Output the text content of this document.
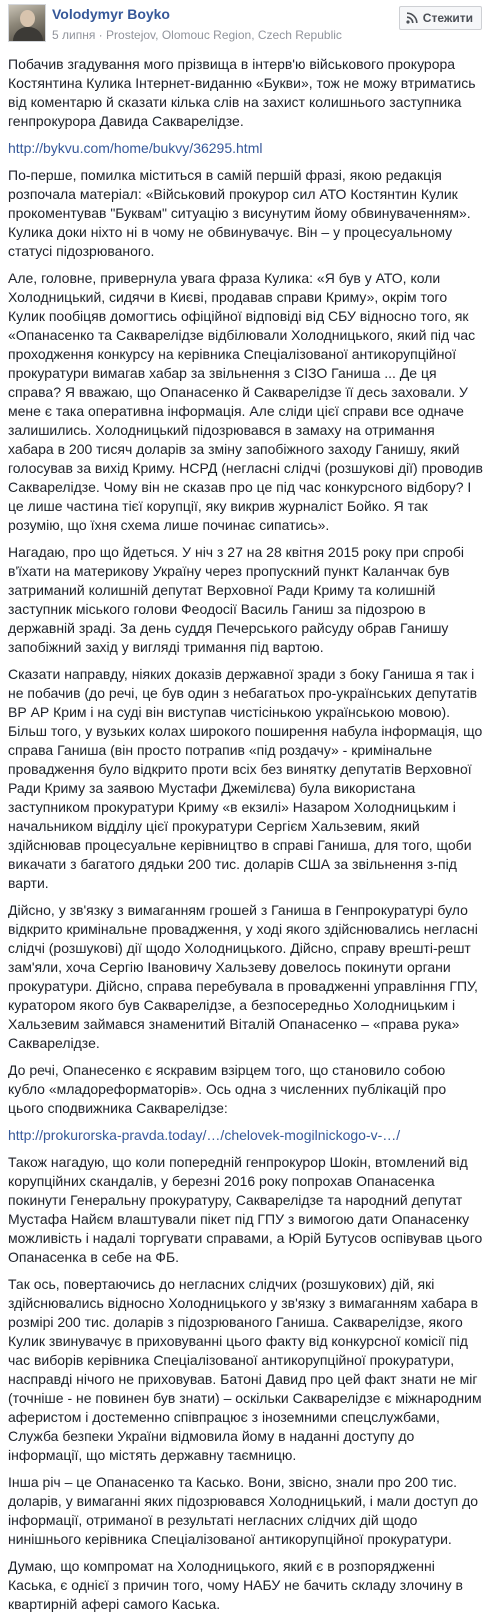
Volodymyr Boyko
5 липня · Prostejov, Olomouc Region, Czech Republic
Стежити

Побачив згадування мого прізвища в інтерв'ю військового прокурора Костянтина Кулика Інтернет-виданню «Букви», тож не можу втриматись від коментарю й сказати кілька слів на захист колишнього заступника генпрокурора Давида Сакварелідзе.

http://bykvu.com/home/bukvy/36295.html

По-перше, помилка міститься в самій першій фразі, якою редакція розпочала матеріал: «Військовий прокурор сил АТО Костянтин Кулик прокоментував "Буквам" ситуацію з висунутим йому обвинуваченням». Кулика доки ніхто ні в чому не обвинувачує. Він – у процесуальному статусі підозрюваного.

Але, головне, привернула увага фраза Кулика: «Я був у АТО, коли Холодницький, сидячи в Києві, продавав справи Криму», окрім того Кулик пообіцяв домогтись офіційної відповіді від СБУ відносно того, як «Опанасенко та Сакварелідзе відбілювали Холодницького, який під час проходження конкурсу на керівника Спеціалізованої антикорупційної прокуратури вимагав хабар за звільнення з СІЗО Ганиша ... Де ця справа? Я вважаю, що Опанасенко й Сакварелідзе її десь заховали. У мене є така оперативна інформація. Але сліди цієї справи все одначе залишились. Холодницький підозрювався в замаху на отримання хабара в 200 тисяч доларів за зміну запобіжного заходу Ганишу, який голосував за вихід Криму. НСРД (негласні слідчі (розшукові дії) проводив Сакварелідзе. Чому він не сказав про це під час конкурсного відбору? І це лише частина тієї корупції, яку викрив журналіст Бойко. Я так розумію, що їхня схема лише починає сипатись».

Нагадаю, про що йдеться. У ніч з 27 на 28 квітня 2015 року при спробі в'їхати на материкову Україну через пропускний пункт Каланчак був затриманий колишній депутат Верховної Ради Криму та колишній заступник міського голови Феодосії Василь Ганиш за підозрою в державній зраді. За день суддя Печерського райсуду обрав Ганишу запобіжний захід у вигляді тримання під вартою.

Сказати направду, ніяких доказів державної зради з боку Ганиша я так і не побачив (до речі, це був один з небагатьох про-українських депутатів ВР АР Крим і на суді він виступав чистісінькою українською мовою). Більш того, у вузьких колах широкого поширення набула інформація, що справа Ганиша (він просто потрапив «під роздачу» - кримінальне провадження було відкрито проти всіх без винятку депутатів Верховної Ради Криму за заявою Мустафи Джемілєва) була використана заступником прокуратури Криму «в екзилі» Назаром Холодницьким і начальником відділу цієї прокуратури Сергієм Хальзевим, який здійснював процесуальне керівництво в справі Ганиша, для того, щоби викачати з багатого дядьки 200 тис. доларів США за звільнення з-під варти.

Дійсно, у зв'язку з вимаганням грошей з Ганиша в Генпрокуратурі було відкрито кримінальне провадження, у ході якого здійснювались негласні слідчі (розшукові) дії щодо Холодницького. Дійсно, справу врешті-решт зам'яли, хоча Сергію Івановичу Хальзеву довелось покинути органи прокуратури. Дійсно, справа перебувала в провадженні управління ГПУ, куратором якого був Сакварелідзе, а безпосередньо Холодницьким і Хальзевим займався знаменитий Віталій Опанасенко – «права рука» Сакварелідзе.

До речі, Опанесенко є яскравим взірцем того, що становило собою кубло «младореформаторів». Ось одна з численних публікацій про цього сподвижника Сакварелідзе:

http://prokurorska-pravda.today/…/chelovek-mogilnickogo-v-…/

Також нагадую, що коли попередній генпрокурор Шокін, втомлений від корупційних скандалів, у березні 2016 року попрохав Опанасенка покинути Генеральну прокуратуру, Сакварелідзе та народний депутат Мустафа Найєм влаштували пікет під ГПУ з вимогою дати Опанасенку можливість і надалі торгувати справами, а Юрій Бутусов оспівував цього Опанасенка в себе на ФБ.

Так ось, повертаючись до негласних слідчих (розшукових) дій, які здійснювались відносно Холодницького у зв'язку з вимаганням хабара в розмірі 200 тис. доларів з підозрюваного Ганиша. Сакварелідзе, якого Кулик звинувачує в приховуванні цього факту від конкурсної комісії під час виборів керівника Спеціалізованої антикорупційної прокуратури, насправді нічого не приховував. Батоні Давид про цей факт знати не міг (точніше - не повинен був знати) – оскільки Сакварелідзе є міжнародним аферистом і достеменно співпрацює з іноземними спецслужбами, Служба безпеки України відмовила йому в наданні доступу до інформації, що містять державну таємницю.

Інша річ – це Опанасенко та Касько. Вони, звісно, знали про 200 тис. доларів, у вимаганні яких підозрювався Холодницький, і мали доступ до інформації, отриманої в результаті негласних слідчих дій щодо нинішнього керівника Спеціалізованої антикорупційної прокуратури.

Думаю, що компромат на Холодницького, який є в розпорядженні Каська, є однієї з причин того, чому НАБУ не бачить складу злочину в квартирній афері самого Каська.
